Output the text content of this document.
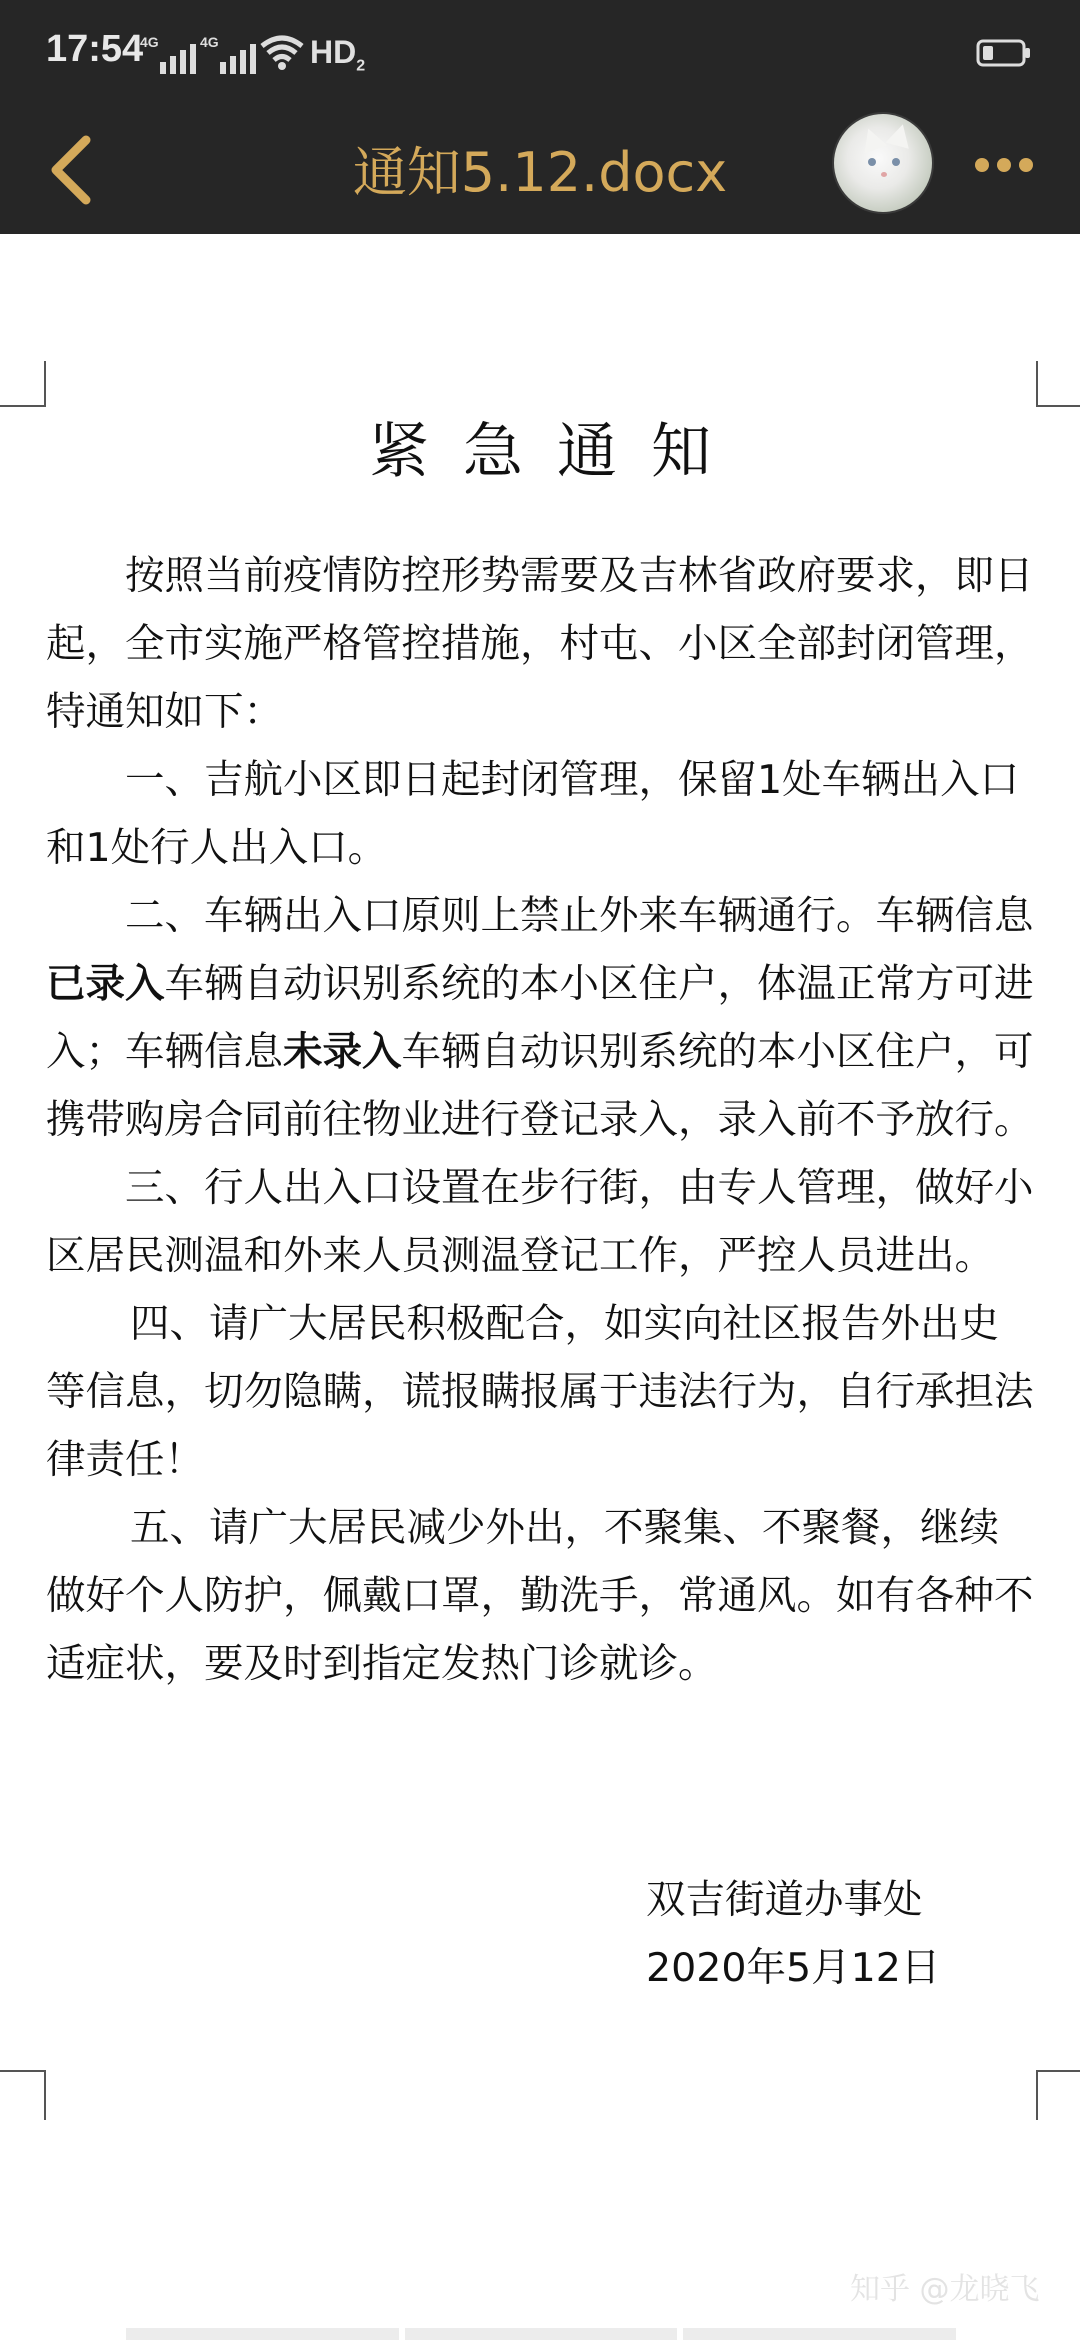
17:54
4G	4G	$HD_2$
通知5.12.docx
紧急通知

按照当前疫情防控形势需要及吉林省政府要求，即日起，全市实施严格管控措施，村屯、小区全部封闭管理，特通知如下：

一、吉航小区即日起封闭管理，保留1处车辆出入口和1处行人出入口。

二、车辆出入口原则上禁止外来车辆通行。车辆信息已录入车辆自动识别系统的本小区住户，体温正常方可进入；车辆信息未录入车辆自动识别系统的本小区住户，可携带购房合同前往物业进行登记录入，录入前不予放行。

三、行人出入口设置在步行街，由专人管理，做好小区居民测温和外来人员测温登记工作，严控人员进出。

四、请广大居民积极配合，如实向社区报告外出史等信息，切勿隐瞒，谎报瞒报属于违法行为，自行承担法律责任！

五、请广大居民减少外出，不聚集、不聚餐，继续做好个人防护，佩戴口罩，勤洗手，常通风。如有各种不适症状，要及时到指定发热门诊就诊。

双吉街道办事处
2020年5月12日
知乎 @龙晓飞
